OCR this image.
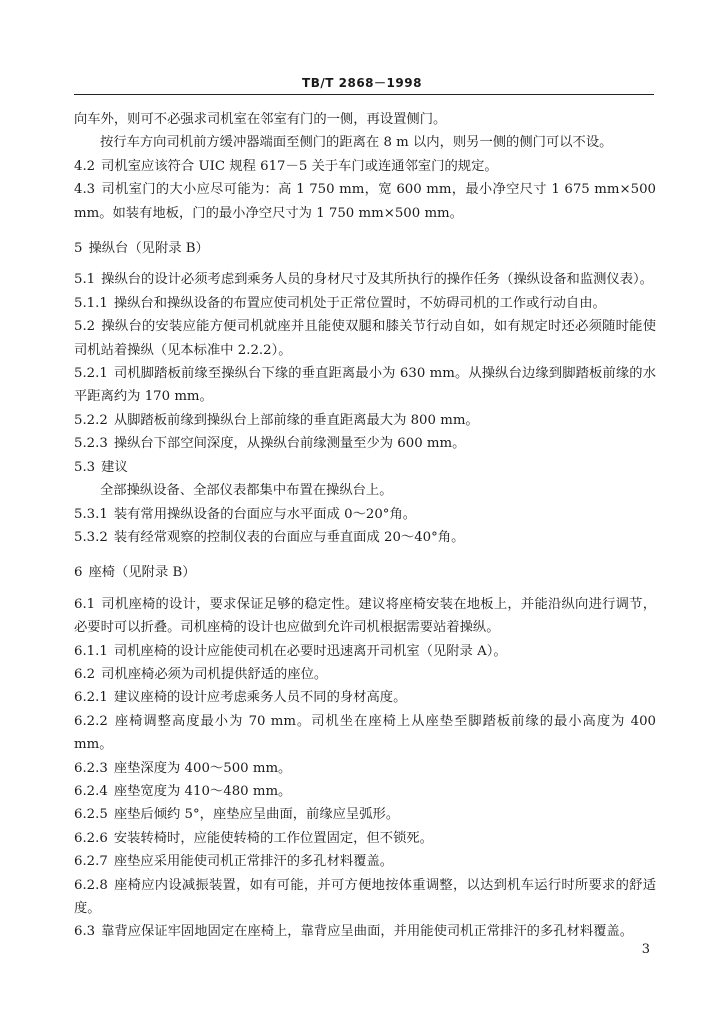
TB/T 2868－1998

向车外，则可不必强求司机室在邻室有门的一侧，再设置侧门。

按行车方向司机前方缓冲器端面至侧门的距离在 8 m 以内，则另一侧的侧门可以不设。

4.2 司机室应该符合 UIC 规程 617－5 关于车门或连通邻室门的规定。

4.3 司机室门的大小应尽可能为：高 1 750 mm，宽 600 mm，最小净空尺寸 1 675 mm×500 mm。如装有地板，门的最小净空尺寸为 1 750 mm×500 mm。

5 操纵台（见附录 B）

5.1 操纵台的设计必须考虑到乘务人员的身材尺寸及其所执行的操作任务（操纵设备和监测仪表）。

5.1.1 操纵台和操纵设备的布置应使司机处于正常位置时，不妨碍司机的工作或行动自由。

5.2 操纵台的安装应能方便司机就座并且能使双腿和膝关节行动自如，如有规定时还必须随时能使司机站着操纵（见本标准中 2.2.2）。

5.2.1 司机脚踏板前缘至操纵台下缘的垂直距离最小为 630 mm。从操纵台边缘到脚踏板前缘的水平距离约为 170 mm。

5.2.2 从脚踏板前缘到操纵台上部前缘的垂直距离最大为 800 mm。

5.2.3 操纵台下部空间深度，从操纵台前缘测量至少为 600 mm。

5.3 建议

全部操纵设备、全部仪表都集中布置在操纵台上。

5.3.1 装有常用操纵设备的台面应与水平面成 0～20°角。

5.3.2 装有经常观察的控制仪表的台面应与垂直面成 20～40°角。

6 座椅（见附录 B）

6.1 司机座椅的设计，要求保证足够的稳定性。建议将座椅安装在地板上，并能沿纵向进行调节，必要时可以折叠。司机座椅的设计也应做到允许司机根据需要站着操纵。

6.1.1 司机座椅的设计应能使司机在必要时迅速离开司机室（见附录 A）。

6.2 司机座椅必须为司机提供舒适的座位。

6.2.1 建议座椅的设计应考虑乘务人员不同的身材高度。

6.2.2 座椅调整高度最小为 70 mm。司机坐在座椅上从座垫至脚踏板前缘的最小高度为 400 mm。

6.2.3 座垫深度为 400～500 mm。

6.2.4 座垫宽度为 410～480 mm。

6.2.5 座垫后倾约 5°，座垫应呈曲面，前缘应呈弧形。

6.2.6 安装转椅时，应能使转椅的工作位置固定，但不锁死。

6.2.7 座垫应采用能使司机正常排汗的多孔材料覆盖。

6.2.8 座椅应内设减振装置，如有可能，并可方便地按体重调整，以达到机车运行时所要求的舒适度。

6.3 靠背应保证牢固地固定在座椅上，靠背应呈曲面，并用能使司机正常排汗的多孔材料覆盖。

3
